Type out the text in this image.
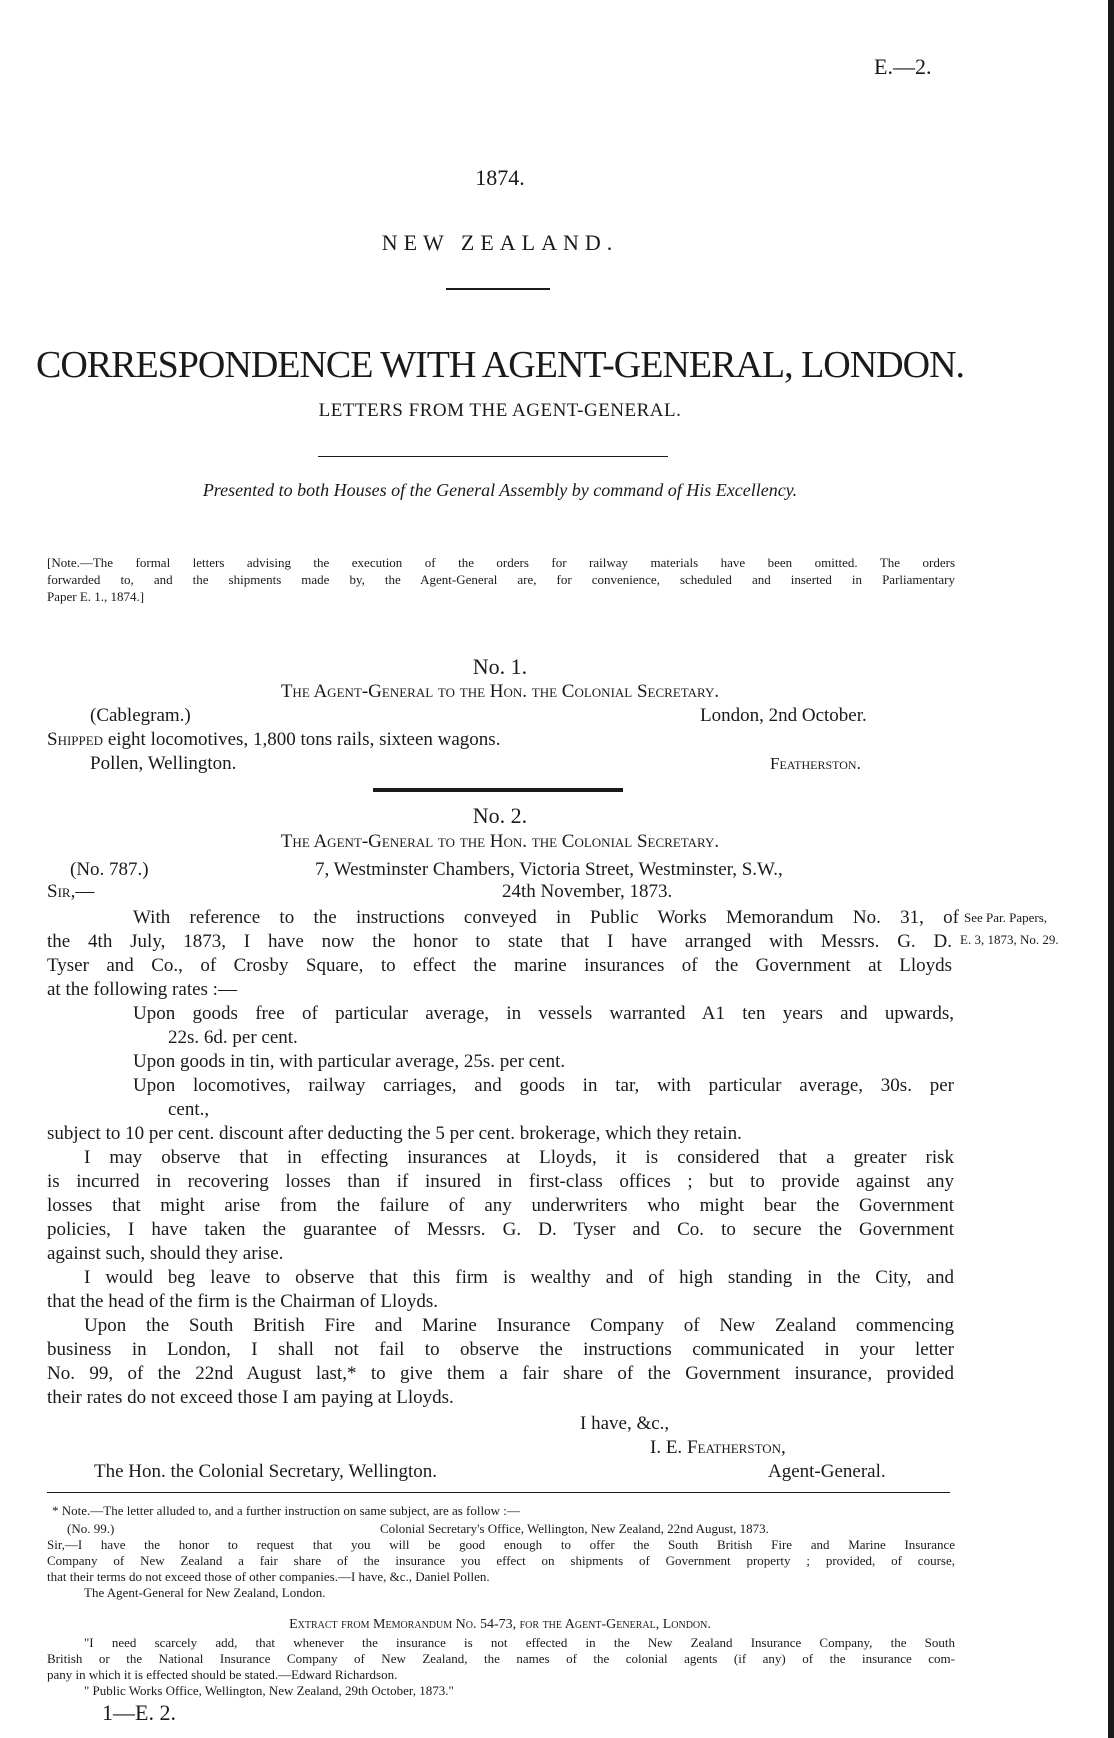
E.—2.
1874.
NEW ZEALAND.
CORRESPONDENCE WITH AGENT-GENERAL, LONDON.
LETTERS FROM THE AGENT-GENERAL.
Presented to both Houses of the General Assembly by command of His Excellency.
[Note.—The formal letters advising the execution of the orders for railway materials have been omitted. The orders
forwarded to, and the shipments made by, the Agent-General are, for convenience, scheduled and inserted in Parliamentary
Paper E. 1., 1874.]
No. 1.
The Agent-General to the Hon. the Colonial Secretary.
(Cablegram.)	London, 2nd October.
Shipped eight locomotives, 1,800 tons rails, sixteen wagons.
Pollen, Wellington.	Featherston.
No. 2.
The Agent-General to the Hon. the Colonial Secretary.
(No. 787.)	7, Westminster Chambers, Victoria Street, Westminster, S.W.,
Sir,—	24th November, 1873.
See Par. Papers,
E. 3, 1873, No. 29.
With reference to the instructions conveyed in Public Works Memorandum No. 31, of
the 4th July, 1873, I have now the honor to state that I have arranged with Messrs. G. D.
Tyser and Co., of Crosby Square, to effect the marine insurances of the Government at Lloyds
at the following rates :—
Upon goods free of particular average, in vessels warranted A1 ten years and upwards,
22s. 6d. per cent.
Upon goods in tin, with particular average, 25s. per cent.
Upon locomotives, railway carriages, and goods in tar, with particular average, 30s. per
cent.,
subject to 10 per cent. discount after deducting the 5 per cent. brokerage, which they retain.
I may observe that in effecting insurances at Lloyds, it is considered that a greater risk
is incurred in recovering losses than if insured in first-class offices ; but to provide against any
losses that might arise from the failure of any underwriters who might bear the Government
policies, I have taken the guarantee of Messrs. G. D. Tyser and Co. to secure the Government
against such, should they arise.
I would beg leave to observe that this firm is wealthy and of high standing in the City, and
that the head of the firm is the Chairman of Lloyds.
Upon the South British Fire and Marine Insurance Company of New Zealand commencing
business in London, I shall not fail to observe the instructions communicated in your letter
No. 99, of the 22nd August last,* to give them a fair share of the Government insurance, provided
their rates do not exceed those I am paying at Lloyds.
I have, &c.,
I. E. Featherston,
The Hon. the Colonial Secretary, Wellington.	Agent-General.
* Note.—The letter alluded to, and a further instruction on same subject, are as follow :—
(No. 99.)	Colonial Secretary's Office, Wellington, New Zealand, 22nd August, 1873.
Sir,—I have the honor to request that you will be good enough to offer the South British Fire and Marine Insurance
Company of New Zealand a fair share of the insurance you effect on shipments of Government property ; provided, of course,
that their terms do not exceed those of other companies.—I have, &c., Daniel Pollen.
The Agent-General for New Zealand, London.
Extract from Memorandum No. 54-73, for the Agent-General, London.
"I need scarcely add, that whenever the insurance is not effected in the New Zealand Insurance Company, the South
British or the National Insurance Company of New Zealand, the names of the colonial agents (if any) of the insurance com-
pany in which it is effected should be stated.—Edward Richardson.
" Public Works Office, Wellington, New Zealand, 29th October, 1873."
1—E. 2.
